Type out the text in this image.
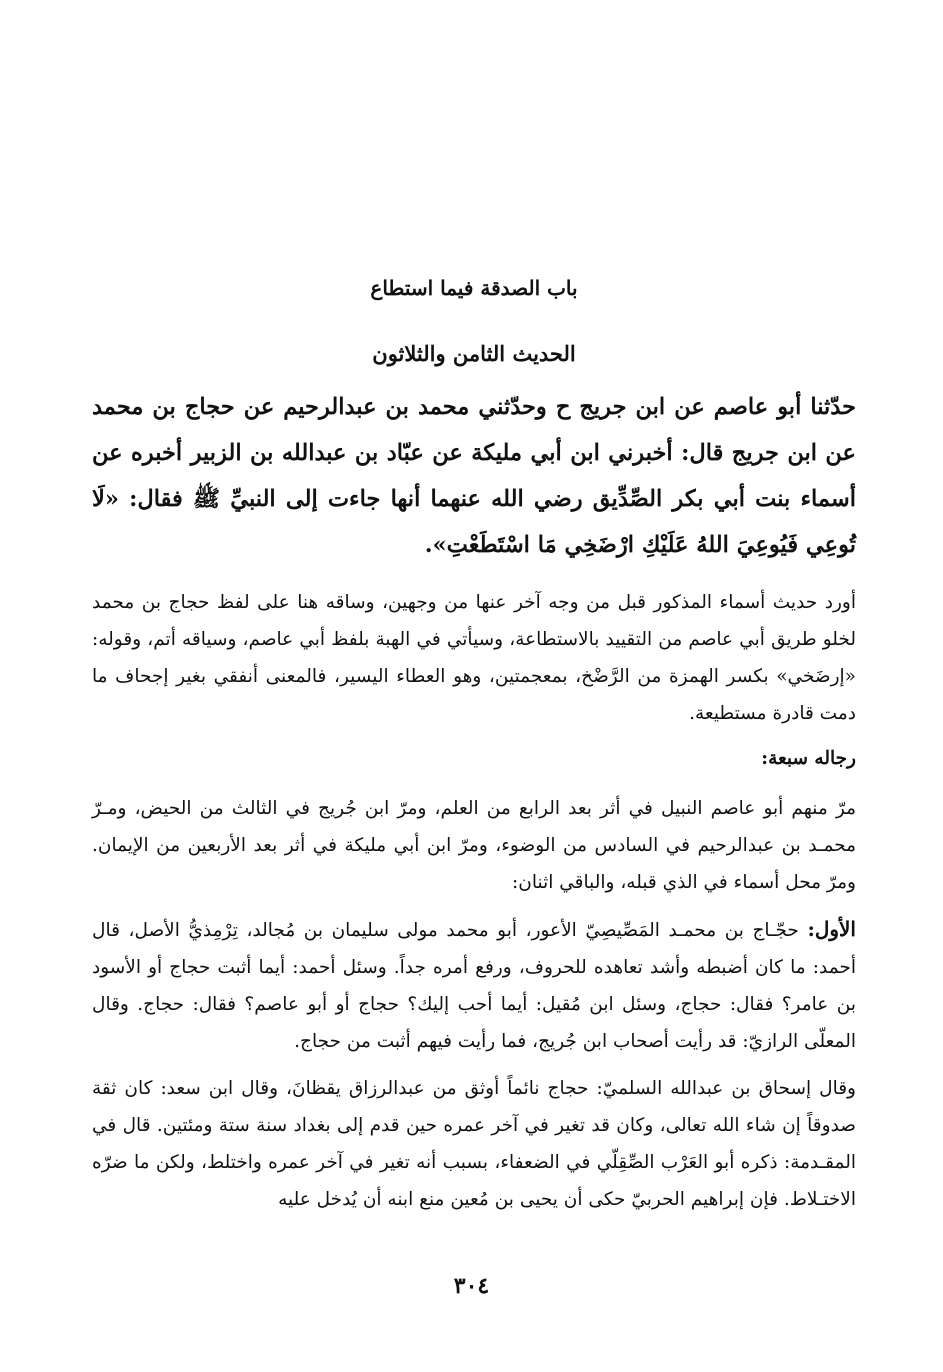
باب الصدقة فيما استطاع
الحديث الثامن والثلاثون

حدّثنا أبو عاصم عن ابن جريج ح وحدّثني محمد بن عبدالرحيم عن حجاج بن محمد عن ابن جريج قال: أخبرني ابن أبي مليكة عن عبّاد بن عبدالله بن الزبير أخبره عن أسماء بنت أبي بكر الصِّدِّيق رضي الله عنهما أنها جاءت إلى النبيِّ ﷺ فقال: «لَا تُوعِي فَيُوعِيَ اللهُ عَلَيْكِ ارْضَخِي مَا اسْتَطَعْتِ».

أورد حديث أسماء المذكور قبل من وجه آخر عنها من وجهين، وساقه هنا على لفظ حجاج بن محمد لخلو طريق أبي عاصم من التقييد بالاستطاعة، وسيأتي في الهبة بلفظ أبي عاصم، وسياقه أتم، وقوله: «إرضَخي» بكسر الهمزة من الرَّضْخ، بمعجمتين، وهو العطاء اليسير، فالمعنى أنفقي بغير إجحاف ما دمت قادرة مستطيعة.

رجاله سبعة:

مرّ منهم أبو عاصم النبيل في أثر بعد الرابع من العلم، ومرّ ابن جُريج في الثالث من الحيض، ومـرّ محمـد بن عبدالرحيم في السادس من الوضوء، ومرّ ابن أبي مليكة في أثر بعد الأربعين من الإيمان. ومرّ محل أسماء في الذي قبله، والباقي اثنان:

الأول: حجّـاج بن محمـد المَصِّيصِيّ الأعور، أبو محمد مولى سليمان بن مُجالد، تِرْمِذيُّ الأصل، قال أحمد: ما كان أضبطه وأشد تعاهده للحروف، ورفع أمره جداً. وسئل أحمد: أيما أثبت حجاج أو الأسود بن عامر؟ فقال: حجاج، وسئل ابن مُقيل: أيما أحب إليك؟ حجاج أو أبو عاصم؟ فقال: حجاج. وقال المعلّى الرازيّ: قد رأيت أصحاب ابن جُريج، فما رأيت فيهم أثبت من حجاج.

وقال إسحاق بن عبدالله السلميّ: حجاج نائماً أوثق من عبدالرزاق يقظانَ، وقال ابن سعد: كان ثقة صدوقاً إن شاء الله تعالى، وكان قد تغير في آخر عمره حين قدم إلى بغداد سنة ستة ومئتين. قال في المقـدمة: ذكره أبو العَرْب الصِّقِلّي في الضعفاء، بسبب أنه تغير في آخر عمره واختلط، ولكن ما ضرّه الاختـلاط. فإن إبراهيم الحربيّ حكى أن يحيى بن مُعين منع ابنه أن يُدخل عليه

٣٠٤
